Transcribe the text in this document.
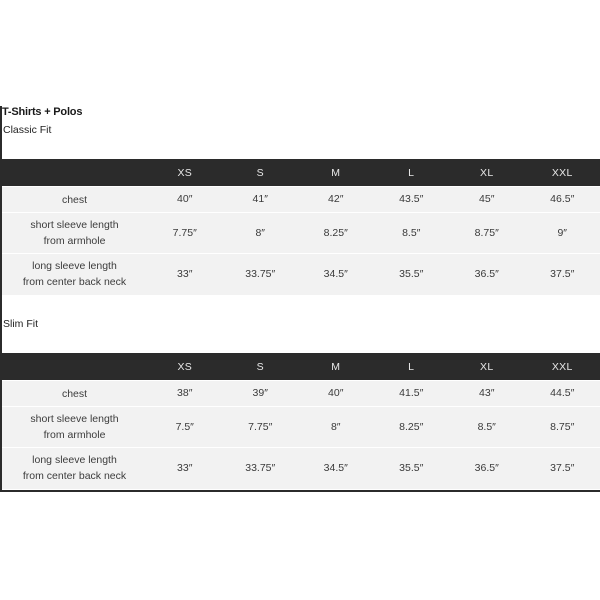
T-Shirts + Polos
Classic Fit
	XS	S	M	L	XL	XXL
chest	40″	41″	42″	43.5″	45″	46.5″

short sleeve length
from armhole	7.75″	8″	8.25″	8.5″	8.75″	9″

long sleeve length
from center back neck	33″	33.75″	34.5″	35.5″	36.5″	37.5″
Slim Fit
	XS	S	M	L	XL	XXL
chest	38″	39″	40″	41.5″	43″	44.5″

short sleeve length
from armhole	7.5″	7.75″	8″	8.25″	8.5″	8.75″

long sleeve length
from center back neck	33″	33.75″	34.5″	35.5″	36.5″	37.5″
